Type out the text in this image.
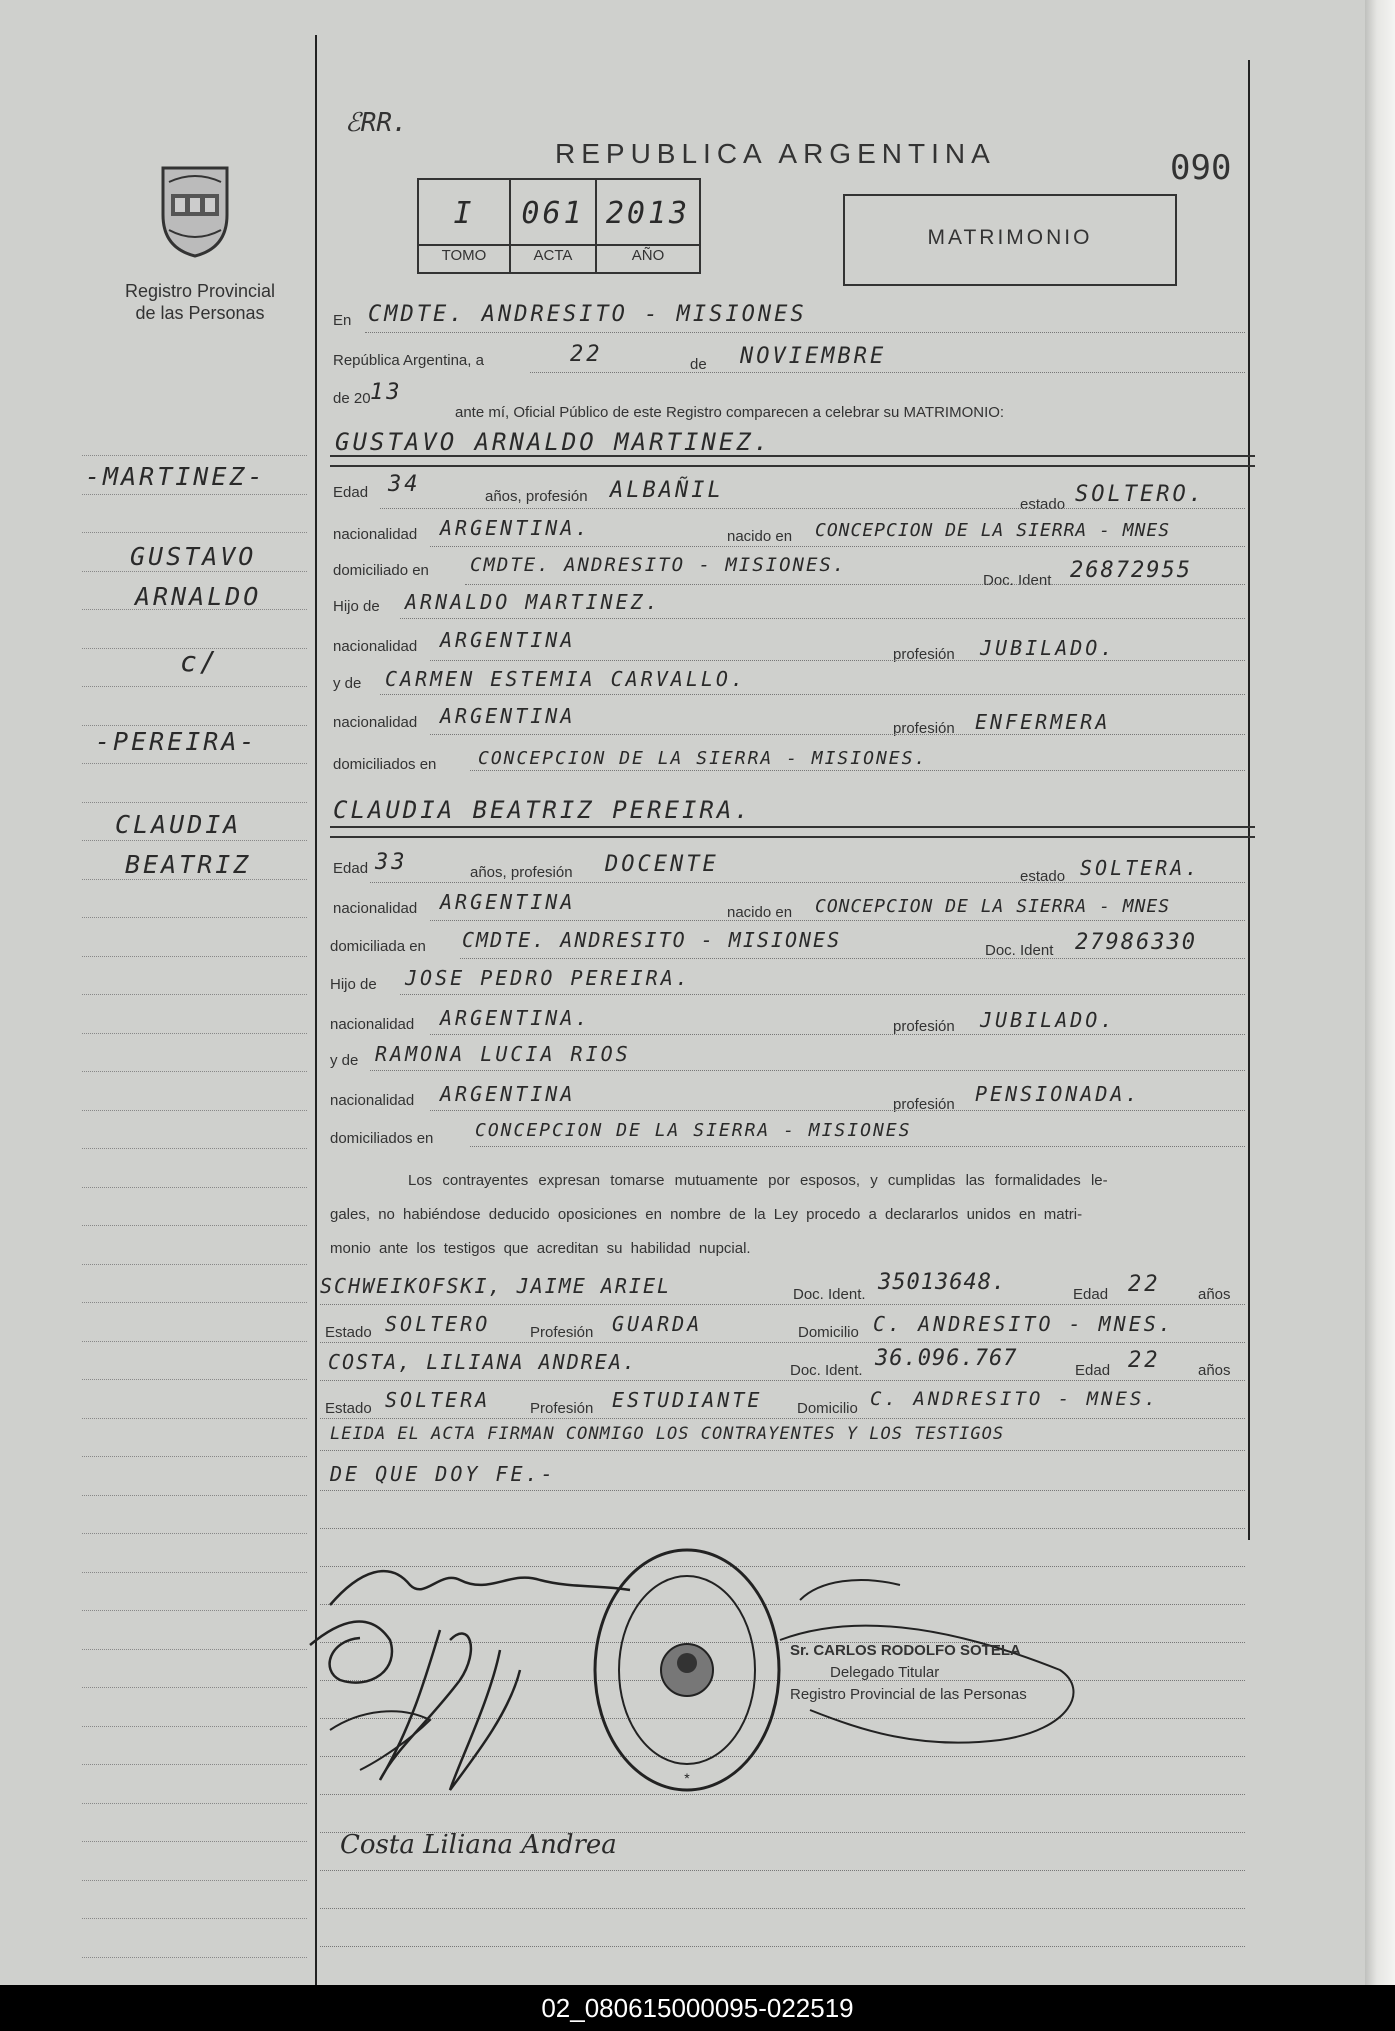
Registro Provincial
de las Personas
ℰRR.
REPUBLICA ARGENTINA	090
I	061 2013
TOMO	ACTA	AÑO
MATRIMONIO
-MARTINEZ-
GUSTAVO
ARNALDO
c/
-PEREIRA-
CLAUDIA
BEATRIZ
En CMDTE. ANDRESITO - MISIONES
República Argentina, a	22	de NOVIEMBRE
de 20 13
ante mí, Oficial Público de este Registro comparecen a celebrar su MATRIMONIO:
GUSTAVO ARNALDO MARTINEZ.
Edad 34	años, profesión ALBAÑIL
estado SOLTERO.
nacionalidad ARGENTINA.	nacido en CONCEPCION DE LA SIERRA - MNES
domiciliado en CMDTE. ANDRESITO - MISIONES.
Doc. Ident 26872955
Hijo de ARNALDO MARTINEZ.
nacionalidad ARGENTINA
profesión JUBILADO.
y de CARMEN ESTEMIA CARVALLO.
nacionalidad ARGENTINA
profesión ENFERMERA
domiciliados en CONCEPCION DE LA SIERRA - MISIONES.
CLAUDIA BEATRIZ PEREIRA.
Edad 33	años, profesión DOCENTE	estado SOLTERA.
nacionalidad ARGENTINA	nacido en CONCEPCION DE LA SIERRA - MNES
domiciliada en CMDTE. ANDRESITO - MISIONES	Doc. Ident 27986330
Hijo de JOSE PEDRO PEREIRA.
nacionalidad ARGENTINA.	profesión JUBILADO.
y de RAMONA LUCIA RIOS
nacionalidad ARGENTINA	profesión PENSIONADA.
domiciliados en CONCEPCION DE LA SIERRA - MISIONES
Los contrayentes expresan tomarse mutuamente por esposos, y cumplidas las formalidades le-
gales, no habiéndose deducido oposiciones en nombre de la Ley procedo a declararlos unidos en matri-
monio ante los testigos que acreditan su habilidad nupcial.
SCHWEIKOFSKI, JAIME ARIEL	Doc. Ident. 35013648.	Edad 22	años
Estado SOLTERO	Profesión GUARDA	Domicilio C. ANDRESITO - MNES.
COSTA, LILIANA ANDREA.	Doc. Ident. 36.096.767	Edad 22	años
Estado SOLTERA	Profesión ESTUDIANTE Domicilio C. ANDRESITO - MNES.
LEIDA EL ACTA FIRMAN CONMIGO LOS CONTRAYENTES Y LOS TESTIGOS
DE QUE DOY FE.-
Costa Liliana Andrea
*
Sr. CARLOS RODOLFO SOTELA
Delegado Titular
Registro Provincial de las Personas
02_080615000095-022519
